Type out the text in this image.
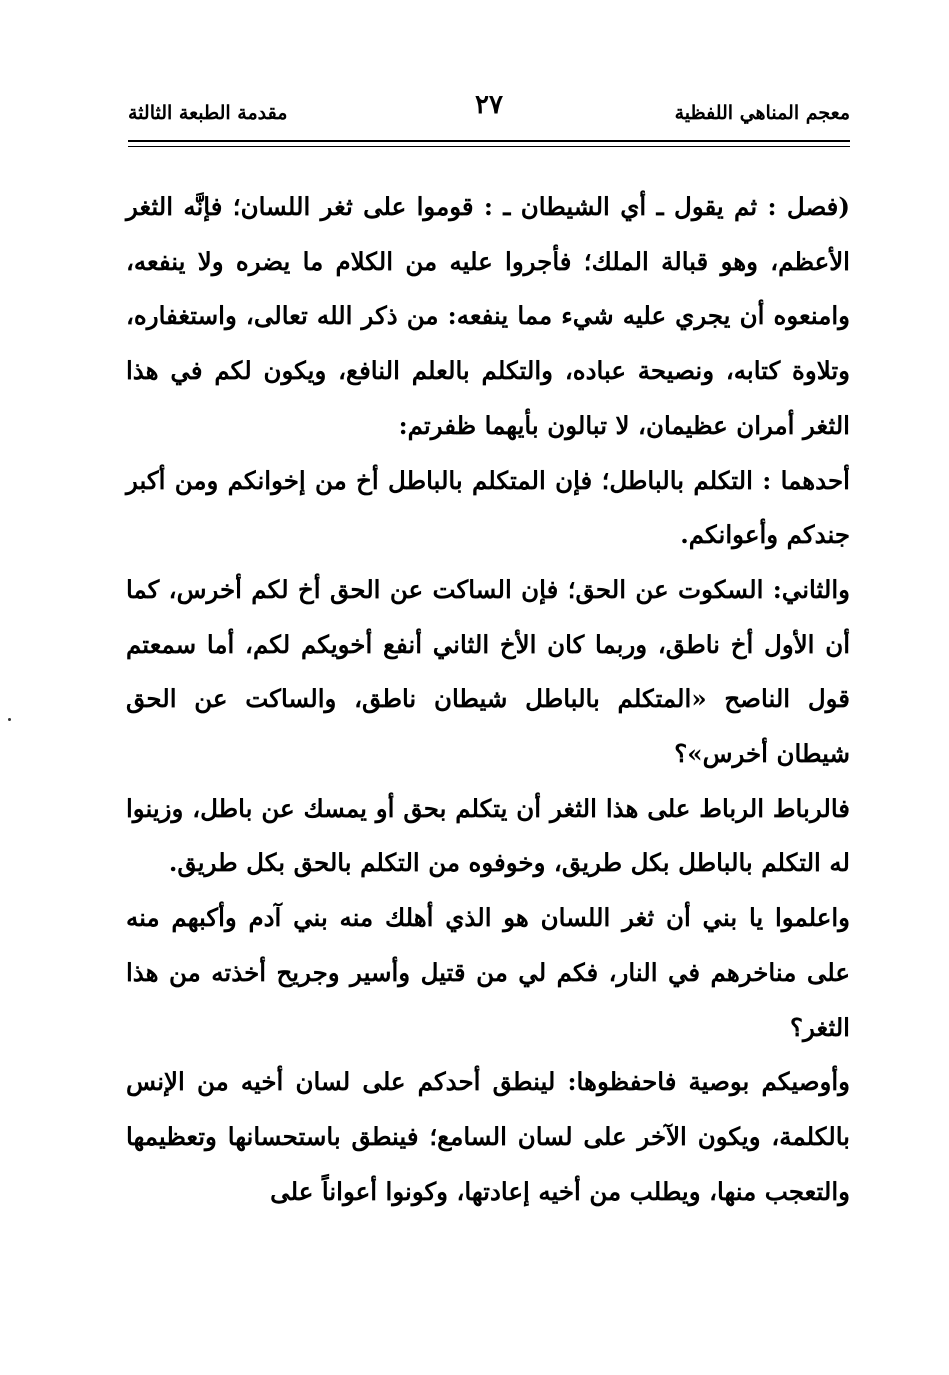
معجم المناهي اللفظية
٢٧
مقدمة الطبعة الثالثة

(فصل : ثم يقول ـ أي الشيطان ـ : قوموا على ثغر اللسان؛ فإنَّه الثغر الأعظم، وهو قبالة الملك؛ فأجروا عليه من الكلام ما يضره ولا ينفعه، وامنعوه أن يجري عليه شيء مما ينفعه: من ذكر الله تعالى، واستغفاره، وتلاوة كتابه، ونصيحة عباده، والتكلم بالعلم النافع، ويكون لكم في هذا الثغر أمران عظيمان، لا تبالون بأيهما ظفرتم:

أحدهما : التكلم بالباطل؛ فإن المتكلم بالباطل أخ من إخوانكم ومن أكبر جندكم وأعوانكم.

والثاني: السكوت عن الحق؛ فإن الساكت عن الحق أخ لكم أخرس، كما أن الأول أخ ناطق، وربما كان الأخ الثاني أنفع أخويكم لكم، أما سمعتم قول الناصح «المتكلم بالباطل شيطان ناطق، والساكت عن الحق شيطان أخرس»؟

فالرباط الرباط على هذا الثغر أن يتكلم بحق أو يمسك عن باطل، وزينوا له التكلم بالباطل بكل طريق، وخوفوه من التكلم بالحق بكل طريق.

واعلموا يا بني أن ثغر اللسان هو الذي أهلك منه بني آدم وأكبهم منه على مناخرهم في النار، فكم لي من قتيل وأسير وجريح أخذته من هذا الثغر؟

وأوصيكم بوصية فاحفظوها: لينطق أحدكم على لسان أخيه من الإنس بالكلمة، ويكون الآخر على لسان السامع؛ فينطق باستحسانها وتعظيمها والتعجب منها، ويطلب من أخيه إعادتها، وكونوا أعواناً على
